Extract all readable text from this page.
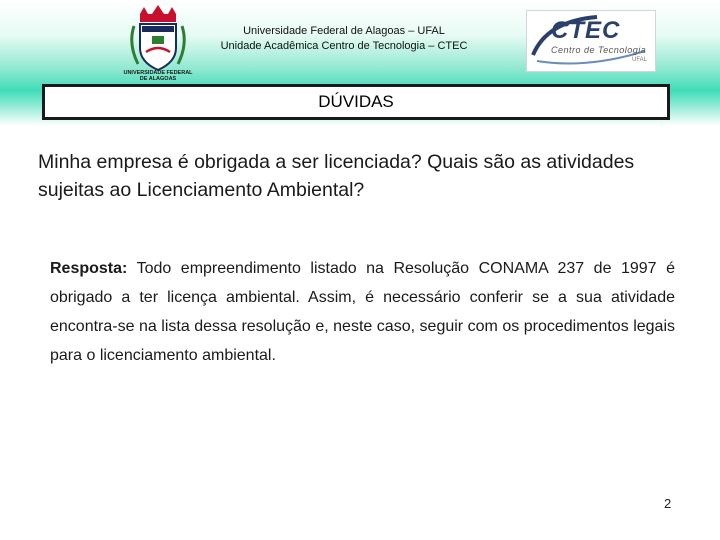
UNIVERSIDADE FEDERAL
DE ALAGOAS
Universidade Federal de Alagoas – UFAL
Unidade Acadêmica Centro de Tecnologia – CTEC
CTEC
Centro de Tecnologia
UFAL
DÚVIDAS
Minha empresa é obrigada a ser licenciada? Quais são as atividades sujeitas ao Licenciamento Ambiental?
Resposta: Todo empreendimento listado na Resolução CONAMA 237 de 1997 é obrigado a ter licença ambiental. Assim, é necessário conferir se a sua atividade encontra-se na lista dessa resolução e, neste caso, seguir com os procedimentos legais para o licenciamento ambiental.
2
